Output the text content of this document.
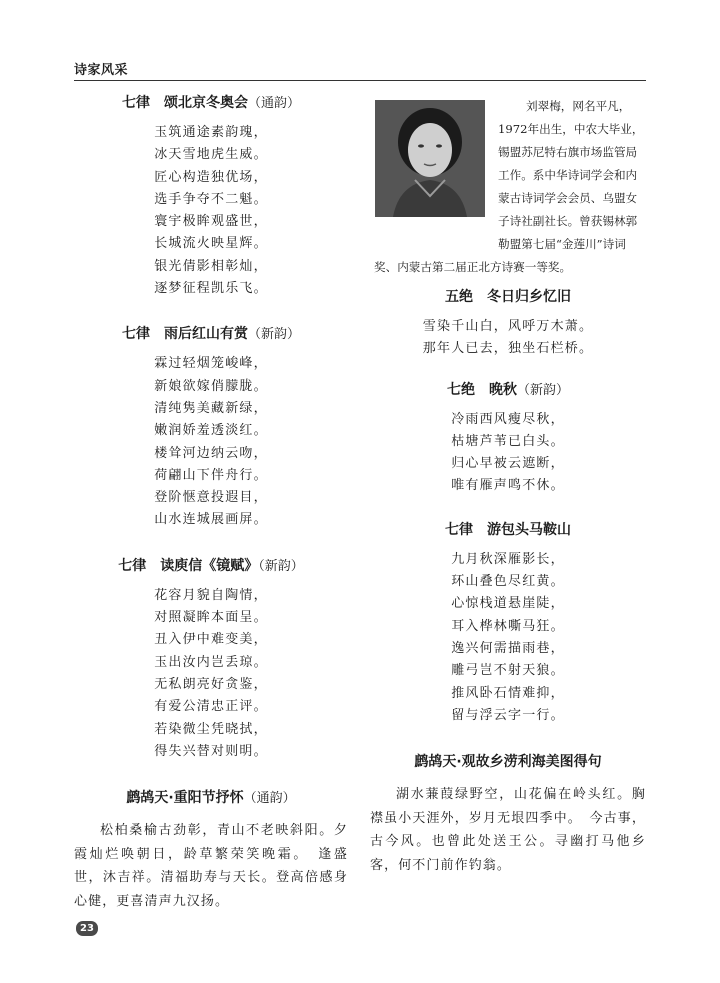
诗家风采
七律　颂北京冬奥会（通韵）
玉筑通途素韵瑰，
冰天雪地虎生威。
匠心构造独优场，
选手争夺不二魁。
寰宇极眸观盛世，
长城流火映星辉。
银光倩影相彰灿，
逐梦征程凯乐飞。
七律　雨后红山有赏（新韵）
霖过轻烟笼峻峰，
新娘欲嫁俏朦胧。
清纯隽美藏新绿，
嫩润娇羞透淡红。
楼耸河边纳云吻，
荷翩山下伴舟行。
登阶惬意投遐目，
山水连城展画屏。
七律　读庾信《镜赋》（新韵）
花容月貌自陶情，
对照凝眸本面呈。
丑入伊中难变美，
玉出汝内岂丢琼。
无私朗亮好贪鉴，
有爱公清忠正评。
若染微尘凭晓拭，
得失兴替对则明。
鹧鸪天·重阳节抒怀（通韵）
松柏桑榆古劲彰，青山不老映斜阳。夕霞灿烂唤朝日，龄草繁荣笑晚霜。　逢盛世，沐吉祥。清福助寿与天长。登高倍感身心健，更喜清声九汉扬。
刘翠梅，网名平凡，
1972年出生，中农大毕业，
锡盟苏尼特右旗市场监管局
工作。系中华诗词学会和内
蒙古诗词学会会员、乌盟女
子诗社副社长。曾获锡林郭
勒盟第七届“金莲川”诗词
奖、内蒙古第二届正北方诗赛一等奖。
五绝　冬日归乡忆旧
雪染千山白，风呼万木萧。
那年人已去，独坐石栏桥。
七绝　晚秋（新韵）
冷雨西风瘦尽秋，
枯塘芦苇已白头。
归心早被云遮断，
唯有雁声鸣不休。
七律　游包头马鞍山
九月秋深雁影长，
环山叠色尽红黄。
心惊栈道悬崖陡，
耳入桦林嘶马狂。
逸兴何需描雨巷，
雕弓岂不射天狼。
推风卧石情难抑，
留与浮云字一行。
鹧鸪天·观故乡涝利海美图得句
湖水蒹葭绿野空，山花偏在岭头红。胸襟虽小天涯外，岁月无垠四季中。　今古事，古今风。也曾此处送王公。寻幽打马他乡客，何不门前作钓翁。
23
